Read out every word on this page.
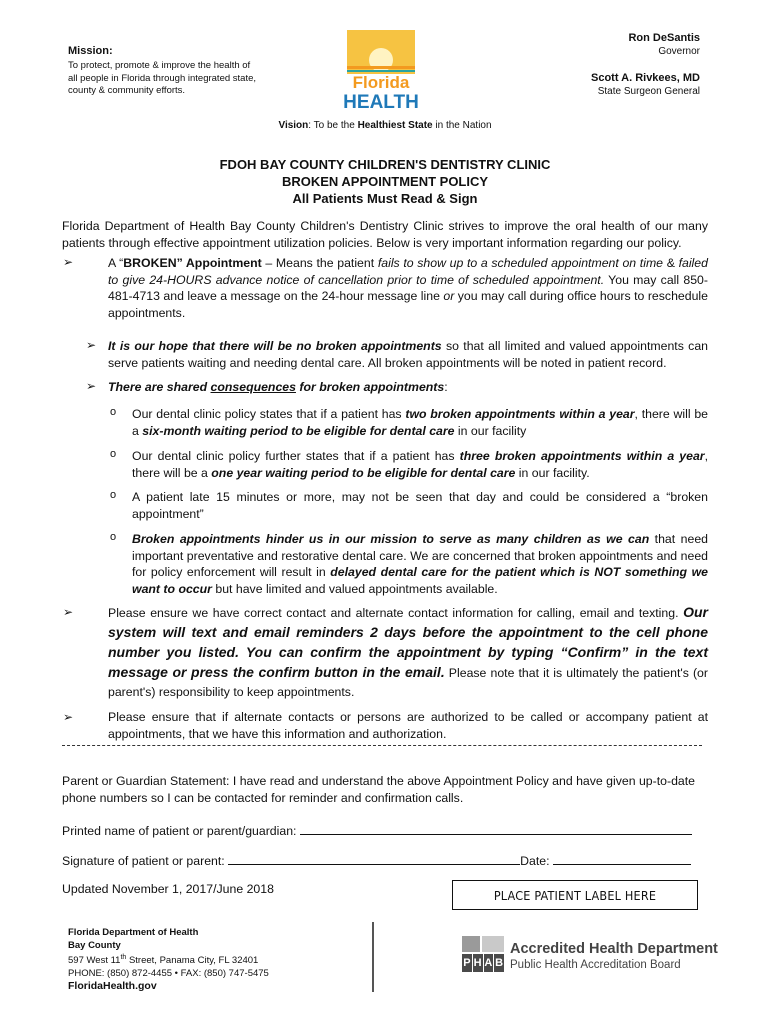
Mission:
To protect, promote & improve the health of all people in Florida through integrated state, county & community efforts.	Florida
HEALTH
Ron DeSantis
Governor
Scott A. Rivkees, MD
State Surgeon General
Vision: To be the Healthiest State in the Nation
FDOH BAY COUNTY CHILDREN'S DENTISTRY CLINIC
BROKEN APPOINTMENT POLICY
All Patients Must Read & Sign
Florida Department of Health Bay County Children's Dentistry Clinic strives to improve the oral health of our many patients through effective appointment utilization policies. Below is very important information regarding our policy.
➢	A “BROKEN” Appointment – Means the patient fails to show up to a scheduled appointment on time & failed to give 24-HOURS advance notice of cancellation prior to time of scheduled appointment. You may call 850-481-4713 and leave a message on the 24-hour message line or you may call during office hours to reschedule appointments.
➢ It is our hope that there will be no broken appointments so that all limited and valued appointments can serve patients waiting and needing dental care. All broken appointments will be noted in patient record.
➢ There are shared consequences for broken appointments:
o Our dental clinic policy states that if a patient has two broken appointments within a year, there will be a six-month waiting period to be eligible for dental care in our facility
o Our dental clinic policy further states that if a patient has three broken appointments within a year, there will be a one year waiting period to be eligible for dental care in our facility.
o A patient late 15 minutes or more, may not be seen that day and could be considered a “broken appointment”
o Broken appointments hinder us in our mission to serve as many children as we can that need important preventative and restorative dental care. We are concerned that broken appointments and need for policy enforcement will result in delayed dental care for the patient which is NOT something we want to occur but have limited and valued appointments available.
➢	Please ensure we have correct contact and alternate contact information for calling, email and texting. Our system will text and email reminders 2 days before the appointment to the cell phone number you listed. You can confirm the appointment by typing “Confirm” in the text message or press the confirm button in the email. Please note that it is ultimately the patient's (or parent's) responsibility to keep appointments.
➢	Please ensure that if alternate contacts or persons are authorized to be called or accompany patient at appointments, that we have this information and authorization.
Parent or Guardian Statement: I have read and understand the above Appointment Policy and have given up-to-date phone numbers so I can be contacted for reminder and confirmation calls.
Printed name of patient or parent/guardian:
Signature of patient or parent:	Date:
Updated November 1, 2017/June 2018	PLACE PATIENT LABEL HERE
Florida Department of Health
Bay County
597 West 11th Street, Panama City, FL 32401
PHONE: (850) 872-4455 • FAX: (850) 747-5475
FloridaHealth.gov
P H A B
Accredited Health Department
Public Health Accreditation Board
